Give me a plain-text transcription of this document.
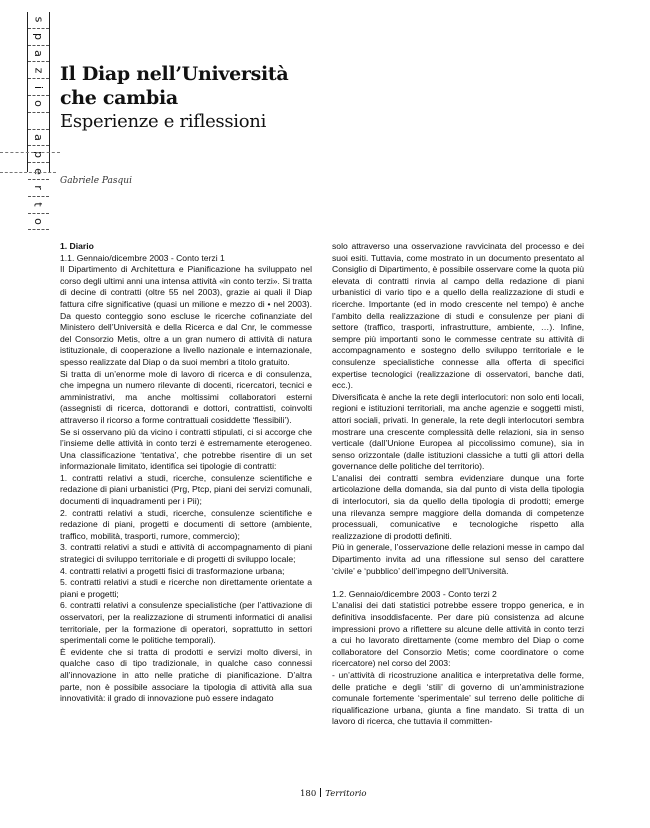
s
p
a
z
i
o
a
p
e
r
t
o
Il Diap nell’Università
che cambia
Esperienze e riflessioni
Gabriele Pasqui

1. Diario

1.1. Gennaio/dicembre 2003 - Conto terzi 1

Il Dipartimento di Architettura e Pianificazione ha sviluppato nel corso degli ultimi anni una intensa attività «in conto terzi». Si tratta di decine di contratti (oltre 55 nel 2003), grazie ai quali il Diap fattura cifre significative (quasi un milione e mezzo di • nel 2003). Da questo conteggio sono escluse le ricerche cofinanziate del Ministero dell’Università e della Ricerca e dal Cnr, le commesse del Consorzio Metis, oltre a un gran numero di attività di natura istituzionale, di cooperazione a livello nazionale e internazionale, spesso realizzate dal Diap o da suoi membri a titolo gratuito.

Si tratta di un’enorme mole di lavoro di ricerca e di consulenza, che impegna un numero rilevante di docenti, ricercatori, tecnici e amministrativi, ma anche moltissimi collaboratori esterni (assegnisti di ricerca, dottorandi e dottori, contrattisti, coinvolti attraverso il ricorso a forme contrattuali cosiddette ‘flessibili’).

Se si osservano più da vicino i contratti stipulati, ci si accorge che l’insieme delle attività in conto terzi è estremamente eterogeneo. Una classificazione ‘tentativa’, che potrebbe risentire di un set informazionale limitato, identifica sei tipologie di contratti:

1. contratti relativi a studi, ricerche, consulenze scientifiche e redazione di piani urbanistici (Prg, Ptcp, piani dei servizi comunali, documenti di inquadramenti per i Pii);

2. contratti relativi a studi, ricerche, consulenze scientifiche e redazione di piani, progetti e documenti di settore (ambiente, traffico, mobilità, trasporti, rumore, commercio);

3. contratti relativi a studi e attività di accompagnamento di piani strategici di sviluppo territoriale e di progetti di sviluppo locale;

4. contratti relativi a progetti fisici di trasformazione urbana;

5. contratti relativi a studi e ricerche non direttamente orientate a piani e progetti;

6. contratti relativi a consulenze specialistiche (per l’attivazione di osservatori, per la realizzazione di strumenti informatici di analisi territoriale, per la formazione di operatori, soprattutto in settori sperimentali come le politiche temporali).

È evidente che si tratta di prodotti e servizi molto diversi, in qualche caso di tipo tradizionale, in qualche caso connessi all’innovazione in atto nelle pratiche di pianificazione. D’altra parte, non è possibile associare la tipologia di attività alla sua innovatività: il grado di innovazione può essere indagato

solo attraverso una osservazione ravvicinata del processo e dei suoi esiti. Tuttavia, come mostrato in un documento presentato al Consiglio di Dipartimento, è possibile osservare come la quota più elevata di contratti rinvia al campo della redazione di piani urbanistici di vario tipo e a quello della realizzazione di studi e ricerche. Importante (ed in modo crescente nel tempo) è anche l’ambito della realizzazione di studi e consulenze per piani di settore (traffico, trasporti, infrastrutture, ambiente, …). Infine, sempre più importanti sono le commesse centrate su attività di accompagnamento e sostegno dello sviluppo territoriale e le consulenze specialistiche connesse alla offerta di specifici expertise tecnologici (realizzazione di osservatori, banche dati, ecc.).

Diversificata è anche la rete degli interlocutori: non solo enti locali, regioni e istituzioni territoriali, ma anche agenzie e soggetti misti, attori sociali, privati. In generale, la rete degli interlocutori sembra mostrare una crescente complessità delle relazioni, sia in senso verticale (dall’Unione Europea al piccolissimo comune), sia in senso orizzontale (dalle istituzioni classiche a tutti gli attori della governance delle politiche del territorio).

L’analisi dei contratti sembra evidenziare dunque una forte articolazione della domanda, sia dal punto di vista della tipologia di interlocutori, sia da quello della tipologia di prodotti; emerge una rilevanza sempre maggiore della domanda di competenze processuali, comunicative e tecnologiche rispetto alla realizzazione di prodotti definiti.

Più in generale, l’osservazione delle relazioni messe in campo dal Dipartimento invita ad una riflessione sul senso del carattere ‘civile’ e ‘pubblico’ dell’impegno dell’Università.

1.2. Gennaio/dicembre 2003 - Conto terzi 2

L’analisi dei dati statistici potrebbe essere troppo generica, e in definitiva insoddisfacente. Per dare più consistenza ad alcune impressioni provo a riflettere su alcune delle attività in conto terzi a cui ho lavorato direttamente (come membro del Diap o come collaboratore del Consorzio Metis; come coordinatore o come ricercatore) nel corso del 2003:

- un’attività di ricostruzione analitica e interpretativa delle forme, delle pratiche e degli ‘stili’ di governo di un’amministrazione comunale fortemente ‘sperimentale’ sul terreno delle politiche di riqualificazione urbana, giunta a fine mandato. Si tratta di un lavoro di ricerca, che tuttavia il committen-

180 Territorio
